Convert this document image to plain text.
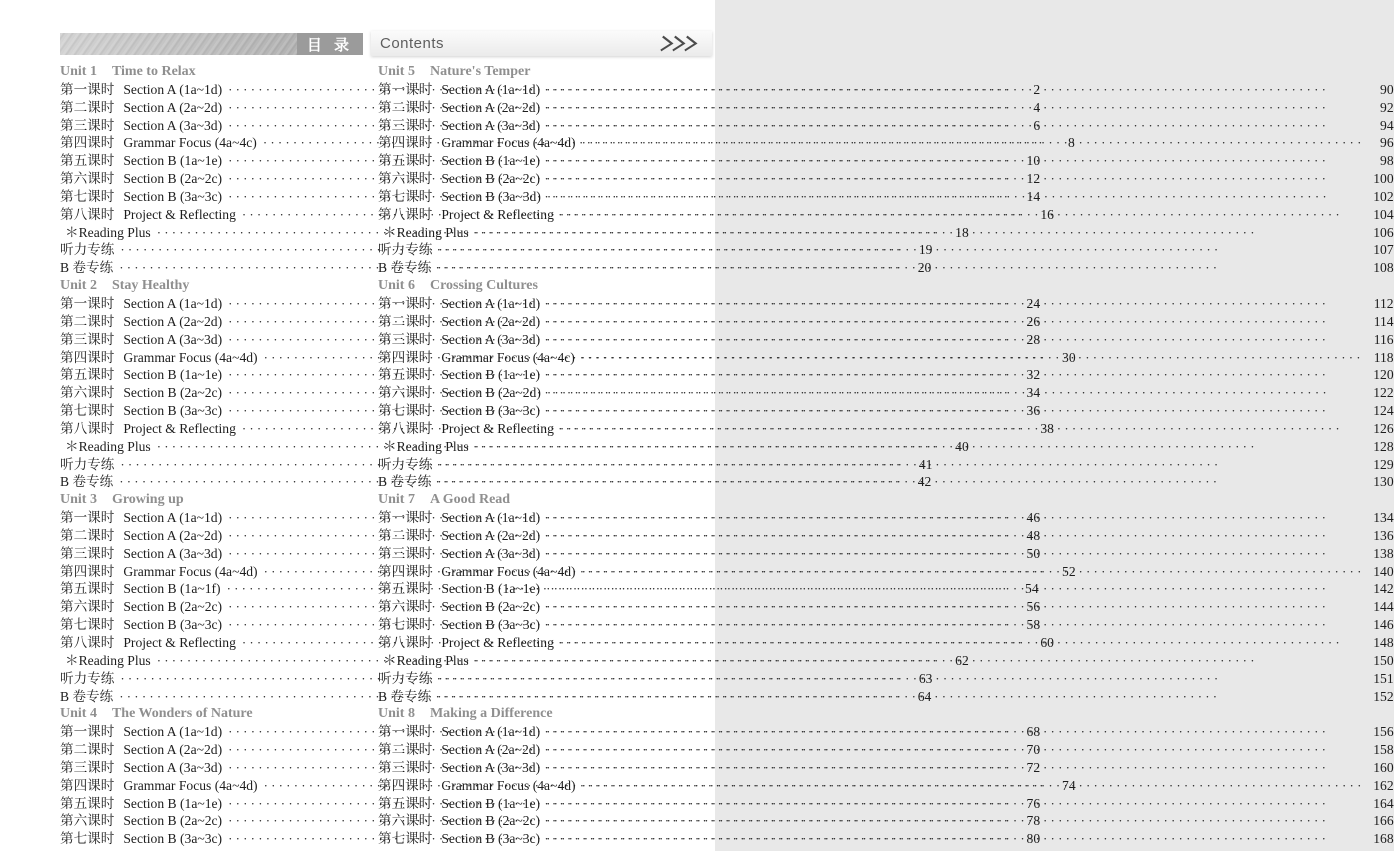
目 录 Contents
Unit 1 Time to Relax
第一课时 Section A (1a~1d) ·····	2
第二课时 Section A (2a~2d) ·····	4
第三课时 Section A (3a~3d) ·····	6
第四课时 Grammar Focus (4a~4c) ·····	8
第五课时 Section B (1a~1e) ·····	10
第六课时 Section B (2a~2c) ·····	12
第七课时 Section B (3a~3c) ·····	14
第八课时 Project & Reflecting ·····	16
＊Reading Plus ·····	18
听力专练 ·····	19
B 卷专练 ·····	20
Unit 2 Stay Healthy
第一课时 Section A (1a~1d) ·····	24
第二课时 Section A (2a~2d) ·····	26
第三课时 Section A (3a~3d) ·····	28
第四课时 Grammar Focus (4a~4d) ·····	30
第五课时 Section B (1a~1e) ·····	32
第六课时 Section B (2a~2c) ·····	34
第七课时 Section B (3a~3c) ·····	36
第八课时 Project & Reflecting ·····	38
＊Reading Plus ·····	40
听力专练 ·····	41
B 卷专练 ·····	42
Unit 3 Growing up
第一课时 Section A (1a~1d) ·····	46
第二课时 Section A (2a~2d) ·····	48
第三课时 Section A (3a~3d) ·····	50
第四课时 Grammar Focus (4a~4d) ·····	52
第五课时 Section B (1a~1f) ·····	54
第六课时 Section B (2a~2c) ·····	56
第七课时 Section B (3a~3c) ·····	58
第八课时 Project & Reflecting ·····	60
＊Reading Plus ·····	62
听力专练 ·····	63
B 卷专练 ·····	64
Unit 4 The Wonders of Nature
第一课时 Section A (1a~1d) ·····	68
第二课时 Section A (2a~2d) ·····	70
第三课时 Section A (3a~3d) ·····	72
第四课时 Grammar Focus (4a~4d) ·····	74
第五课时 Section B (1a~1e) ·····	76
第六课时 Section B (2a~2c) ·····	78
第七课时 Section B (3a~3c) ·····	80
Unit 5 Nature's Temper
第一课时 Section A (1a~1d) ·····	90
第二课时 Section A (2a~2d) ·····	92
第三课时 Section A (3a~3d) ·····	94
第四课时 Grammar Focus (4a~4d) ·····	96
第五课时 Section B (1a~1e) ·····	98
第六课时 Section B (2a~2c) ·····	100
第七课时 Section B (3a~3d) ·····	102
第八课时 Project & Reflecting ·····	104
＊Reading Plus ·····	106
听力专练 ·····	107
B 卷专练 ·····	108
Unit 6 Crossing Cultures
第一课时 Section A (1a~1d) ·····	112
第二课时 Section A (2a~2d) ·····	114
第三课时 Section A (3a~3d) ·····	116
第四课时 Grammar Focus (4a~4c) ·····	118
第五课时 Section B (1a~1e) ·····	120
第六课时 Section B (2a~2d) ·····	122
第七课时 Section B (3a~3c) ·····	124
第八课时 Project & Reflecting ·····	126
＊Reading Plus ·····	128
听力专练 ·····	129
B 卷专练 ·····	130
Unit 7 A Good Read
第一课时 Section A (1a~1d) ·····	134
第二课时 Section A (2a~2d) ·····	136
第三课时 Section A (3a~3d) ·····	138
第四课时 Grammar Focus (4a~4d) ·····	140
第五课时 Section B (1a~1e) ·····	142
第六课时 Section B (2a~2c) ·····	144
第七课时 Section B (3a~3c) ·····	146
第八课时 Project & Reflecting ·····	148
＊Reading Plus ·····	150
听力专练 ·····	151
B 卷专练 ·····	152
Unit 8 Making a Difference
第一课时 Section A (1a~1d) ·····	156
第二课时 Section A (2a~2d) ·····	158
第三课时 Section A (3a~3d) ·····	160
第四课时 Grammar Focus (4a~4d) ·····	162
第五课时 Section B (1a~1e) ·····	164
第六课时 Section B (2a~2c) ·····	166
第七课时 Section B (3a~3c) ·····	168
